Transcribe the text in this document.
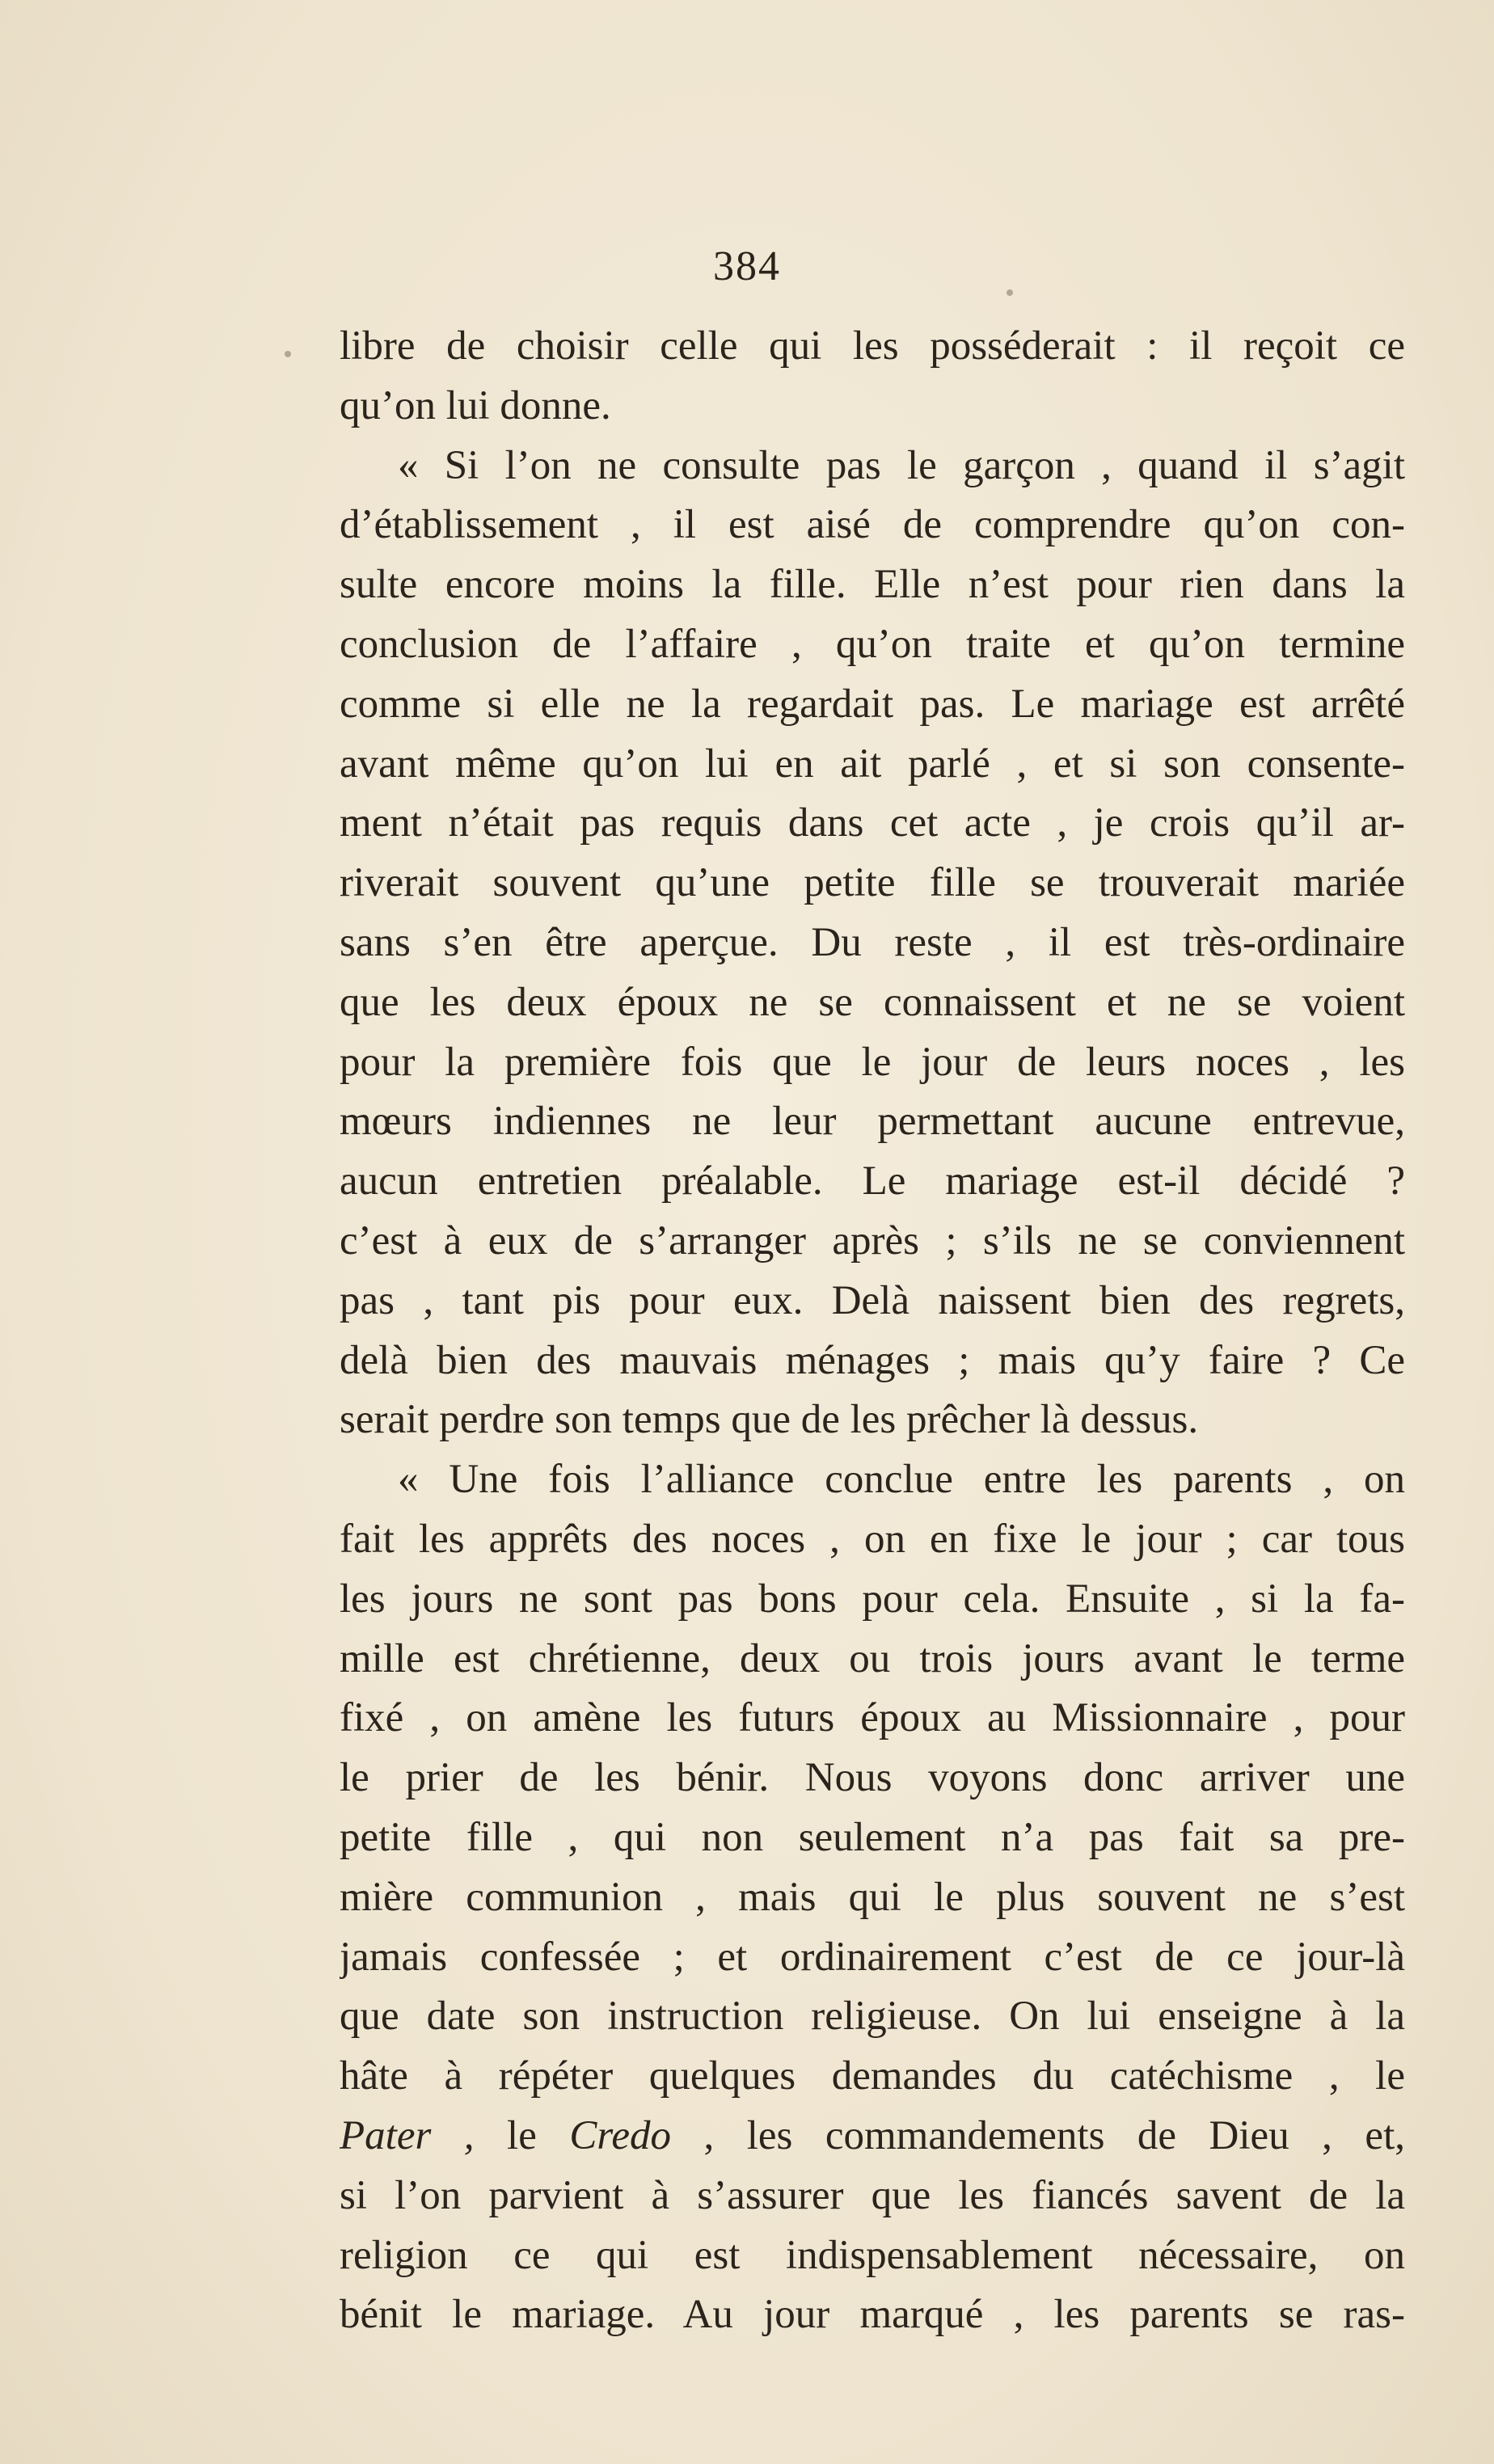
384
libre de choisir celle qui les posséderait : il reçoit ce
qu’on lui donne.
« Si l’on ne consulte pas le garçon , quand il s’agit
d’établissement , il est aisé de comprendre qu’on con-
sulte encore moins la fille. Elle n’est pour rien dans la
conclusion de l’affaire , qu’on traite et qu’on termine
comme si elle ne la regardait pas. Le mariage est arrêté
avant même qu’on lui en ait parlé , et si son consente-
ment n’était pas requis dans cet acte , je crois qu’il ar-
riverait souvent qu’une petite fille se trouverait mariée
sans s’en être aperçue. Du reste , il est très-ordinaire
que les deux époux ne se connaissent et ne se voient
pour la première fois que le jour de leurs noces , les
mœurs indiennes ne leur permettant aucune entrevue,
aucun entretien préalable. Le mariage est-il décidé ?
c’est à eux de s’arranger après ; s’ils ne se conviennent
pas , tant pis pour eux. Delà naissent bien des regrets,
delà bien des mauvais ménages ; mais qu’y faire ? Ce
serait perdre son temps que de les prêcher là dessus.
« Une fois l’alliance conclue entre les parents , on
fait les apprêts des noces , on en fixe le jour ; car tous
les jours ne sont pas bons pour cela. Ensuite , si la fa-
mille est chrétienne, deux ou trois jours avant le terme
fixé , on amène les futurs époux au Missionnaire , pour
le prier de les bénir. Nous voyons donc arriver une
petite fille , qui non seulement n’a pas fait sa pre-
mière communion , mais qui le plus souvent ne s’est
jamais confessée ; et ordinairement c’est de ce jour-là
que date son instruction religieuse. On lui enseigne à la
hâte à répéter quelques demandes du catéchisme , le
Pater , le Credo , les commandements de Dieu , et,
si l’on parvient à s’assurer que les fiancés savent de la
religion ce qui est indispensablement nécessaire, on
bénit le mariage. Au jour marqué , les parents se ras-
